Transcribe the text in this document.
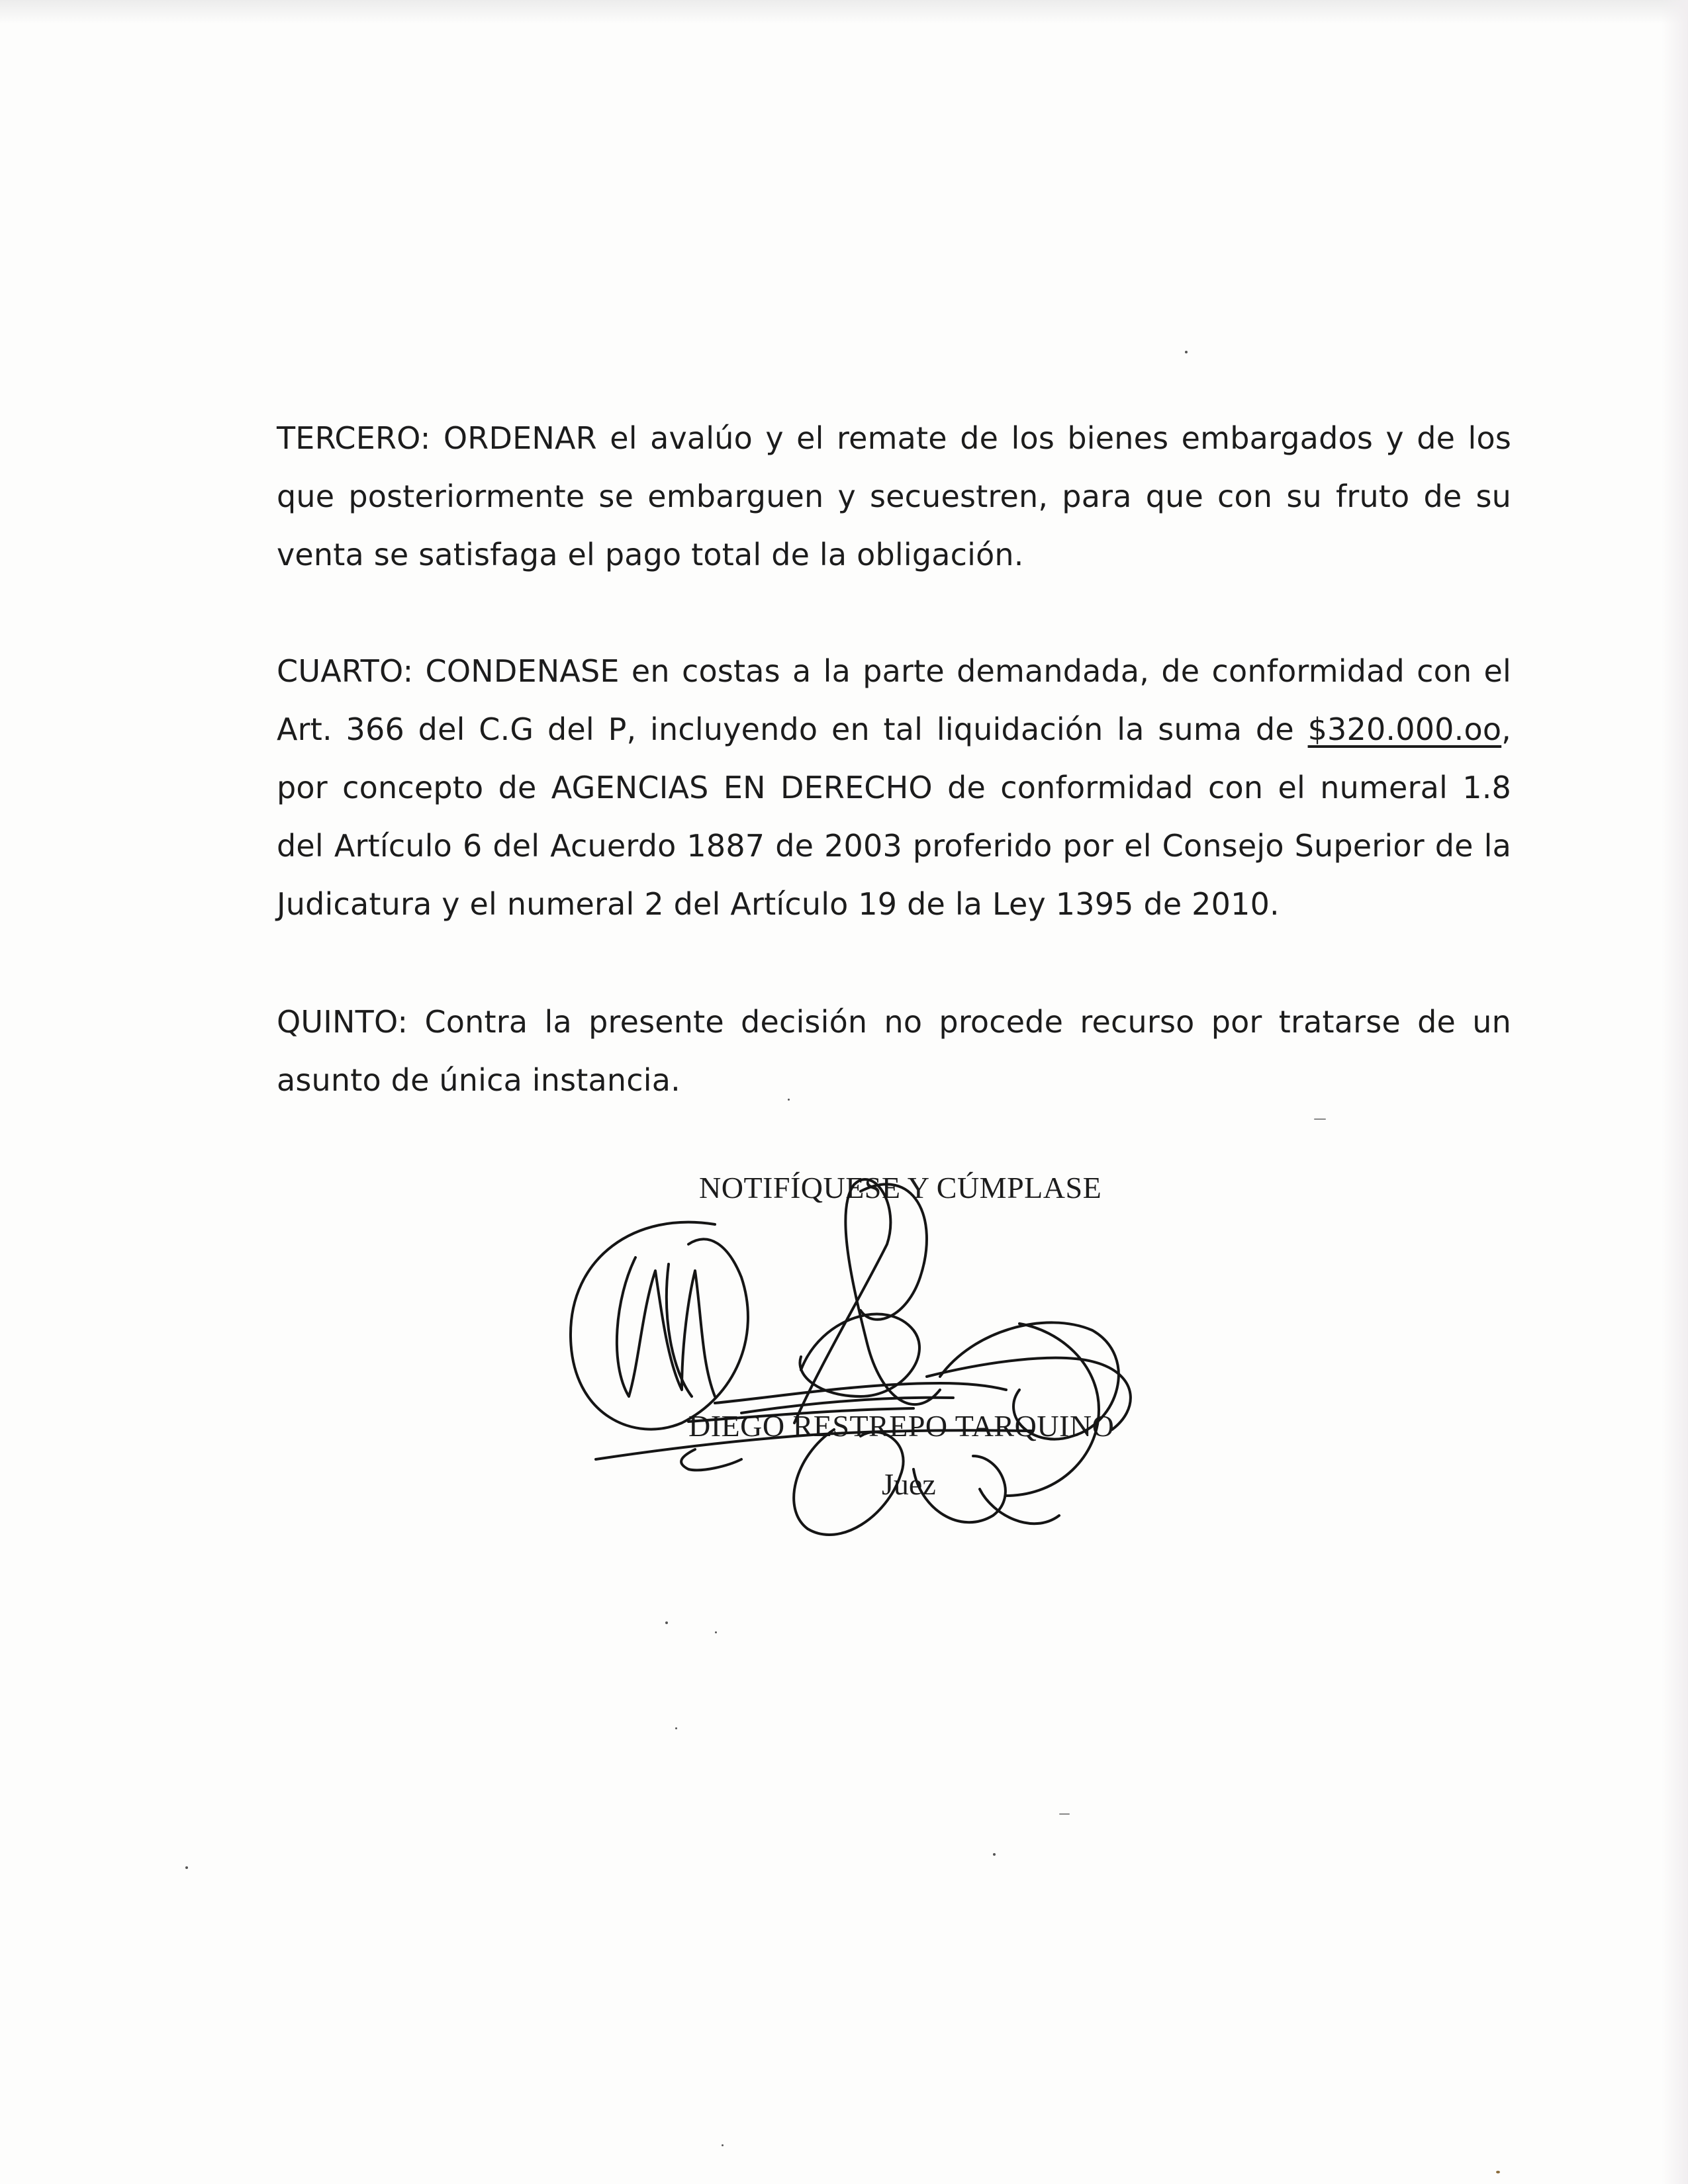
TERCERO: ORDENAR el avalúo y el remate de los bienes embargados y de los que posteriormente se embarguen y secuestren, para que con su fruto de su venta se satisfaga el pago total de la obligación.
CUARTO: CONDENASE en costas a la parte demandada, de conformidad con el Art. 366 del C.G del P, incluyendo en tal liquidación la suma de $320.000.oo, por concepto de AGENCIAS EN DERECHO de conformidad con el numeral 1.8 del Artículo 6 del Acuerdo 1887 de 2003 proferido por el Consejo Superior de la Judicatura y el numeral 2 del Artículo 19 de la Ley 1395 de 2010.
QUINTO: Contra la presente decisión no procede recurso por tratarse de un asunto de única instancia.
NOTIFÍQUESE Y CÚMPLASE
DIEGO RESTREPO TARQUINO
Juez
